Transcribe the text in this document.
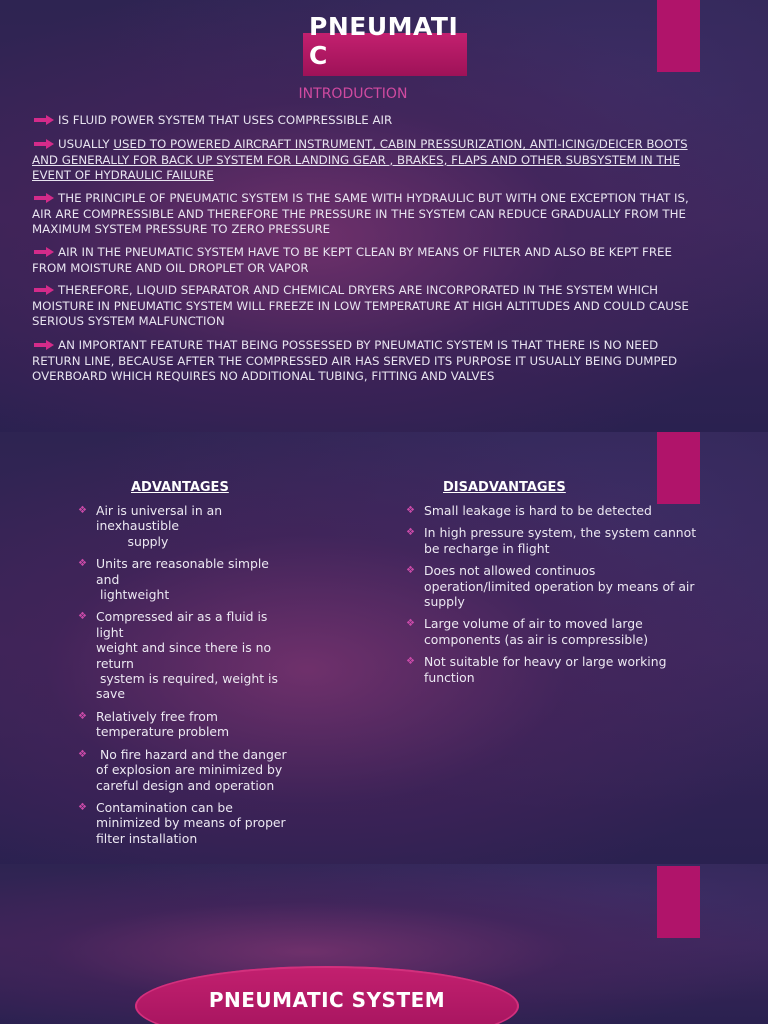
PNEUMATIC
INTRODUCTION
IS FLUID POWER SYSTEM THAT USES COMPRESSIBLE AIR
USUALLY USED TO POWERED AIRCRAFT INSTRUMENT, CABIN PRESSURIZATION, ANTI-ICING/DEICER BOOTS AND GENERALLY FOR BACK UP SYSTEM FOR LANDING GEAR , BRAKES, FLAPS AND OTHER SUBSYSTEM IN THE EVENT OF HYDRAULIC FAILURE
THE PRINCIPLE OF PNEUMATIC SYSTEM IS THE SAME WITH HYDRAULIC BUT WITH ONE EXCEPTION THAT IS, AIR ARE COMPRESSIBLE AND THEREFORE THE PRESSURE IN THE SYSTEM CAN REDUCE GRADUALLY FROM THE MAXIMUM SYSTEM PRESSURE TO ZERO PRESSURE
AIR IN THE PNEUMATIC SYSTEM HAVE TO BE KEPT CLEAN BY MEANS OF FILTER AND ALSO BE KEPT FREE FROM MOISTURE AND OIL DROPLET OR VAPOR
THEREFORE, LIQUID SEPARATOR AND CHEMICAL DRYERS ARE INCORPORATED IN THE SYSTEM WHICH MOISTURE IN PNEUMATIC SYSTEM WILL FREEZE IN LOW TEMPERATURE AT HIGH ALTITUDES AND COULD CAUSE SERIOUS SYSTEM MALFUNCTION
AN IMPORTANT FEATURE THAT BEING POSSESSED BY PNEUMATIC SYSTEM IS THAT THERE IS NO NEED RETURN LINE, BECAUSE AFTER THE COMPRESSED AIR HAS SERVED ITS PURPOSE IT USUALLY BEING DUMPED OVERBOARD WHICH REQUIRES NO ADDITIONAL TUBING, FITTING AND VALVES
ADVANTAGES	DISADVANTAGES
❖ Air is universal in an
inexhaustible
supply
❖ Units are reasonable simple
and
lightweight
❖ Compressed air as a fluid is
light
weight and since there is no
return
system is required, weight is
save
❖ Relatively free from
temperature problem
❖ No fire hazard and the danger
of explosion are minimized by
careful design and operation
❖ Contamination can be
minimized by means of proper
filter installation
❖ Small leakage is hard to be detected
❖ In high pressure system, the system cannot
be recharge in flight
❖ Does not allowed continuos
operation/limited operation by means of air
supply
❖ Large volume of air to moved large
components (as air is compressible)
❖ Not suitable for heavy or large working
function
PNEUMATIC SYSTEM
